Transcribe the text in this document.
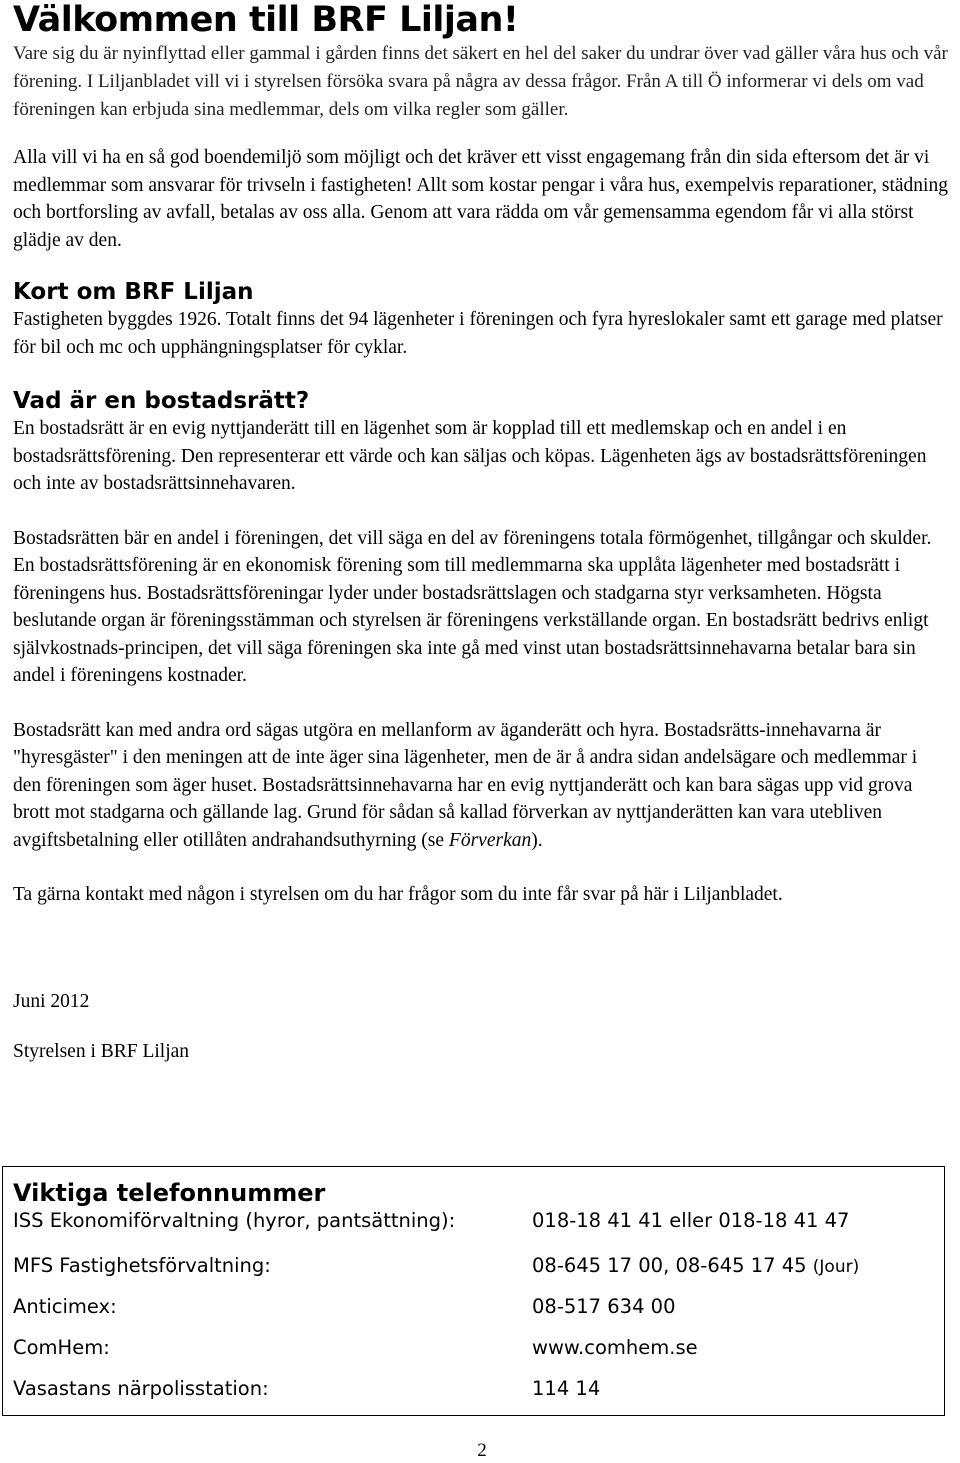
Välkommen till BRF Liljan!

Vare sig du är nyinflyttad eller gammal i gården finns det säkert en hel del saker du undrar över vad gäller våra hus och vår förening. I Liljanbladet vill vi i styrelsen försöka svara på några av dessa frågor. Från A till Ö informerar vi dels om vad föreningen kan erbjuda sina medlemmar, dels om vilka regler som gäller.

Alla vill vi ha en så god boendemiljö som möjligt och det kräver ett visst engagemang från din sida eftersom det är vi medlemmar som ansvarar för trivseln i fastigheten! Allt som kostar pengar i våra hus, exempelvis reparationer, städning och bortforsling av avfall, betalas av oss alla. Genom att vara rädda om vår gemensamma egendom får vi alla störst glädje av den.

Kort om BRF Liljan

Fastigheten byggdes 1926. Totalt finns det 94 lägenheter i föreningen och fyra hyreslokaler samt ett garage med platser för bil och mc och upphängningsplatser för cyklar.

Vad är en bostadsrätt?

En bostadsrätt är en evig nyttjanderätt till en lägenhet som är kopplad till ett medlemskap och en andel i en bostadsrättsförening. Den representerar ett värde och kan säljas och köpas. Lägenheten ägs av bostadsrättsföreningen och inte av bostadsrättsinnehavaren.

Bostadsrätten bär en andel i föreningen, det vill säga en del av föreningens totala förmögenhet, tillgångar och skulder. En bostadsrättsförening är en ekonomisk förening som till medlemmarna ska upplåta lägenheter med bostadsrätt i föreningens hus. Bostadsrättsföreningar lyder under bostadsrättslagen och stadgarna styr verksamheten. Högsta beslutande organ är föreningsstämman och styrelsen är föreningens verkställande organ. En bostadsrätt bedrivs enligt självkostnads-principen, det vill säga föreningen ska inte gå med vinst utan bostadsrättsinnehavarna betalar bara sin andel i föreningens kostnader.

Bostadsrätt kan med andra ord sägas utgöra en mellanform av äganderätt och hyra. Bostadsrätts-innehavarna är "hyresgäster" i den meningen att de inte äger sina lägenheter, men de är å andra sidan andelsägare och medlemmar i den föreningen som äger huset. Bostadsrättsinnehavarna har en evig nyttjanderätt och kan bara sägas upp vid grova brott mot stadgarna och gällande lag. Grund för sådan så kallad förverkan av nyttjanderätten kan vara utebliven avgiftsbetalning eller otillåten andrahandsuthyrning (se Förverkan).

Ta gärna kontakt med någon i styrelsen om du har frågor som du inte får svar på här i Liljanbladet.

Juni 2012

Styrelsen i BRF Liljan

Viktiga telefonnummer
ISS Ekonomiförvaltning (hyror, pantsättning):	018-18 41 41 eller 018-18 41 47
MFS Fastighetsförvaltning:	08-645 17 00, 08-645 17 45 (Jour)
Anticimex:	08-517 634 00
ComHem:	www.comhem.se
Vasastans närpolisstation:	114 14
2
